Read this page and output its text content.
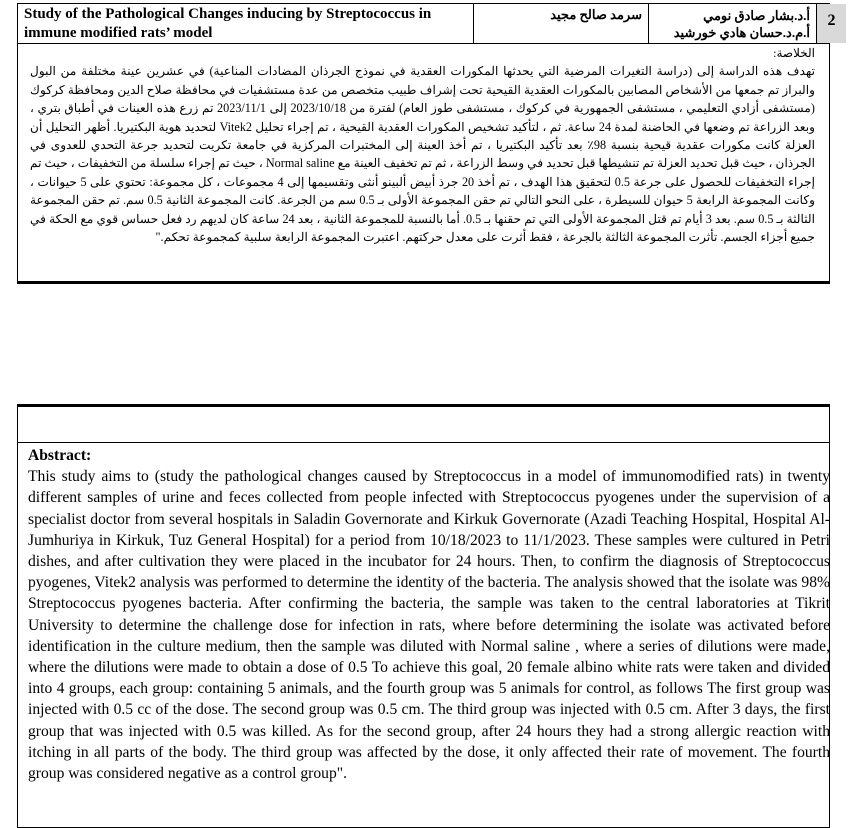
Study of the Pathological Changes inducing by Streptococcus in immune modified rats’ model
سرمد صالح مجيد	أ.د.بشار صادق نومي
أ.م.د.حسان هادي خورشيد
2

الخلاصة:

تهدف هذه الدراسة إلى (دراسة التغيرات المرضية التي يحدثها المكورات العقدية في نموذج الجرذان المضادات المناعية) في عشرين عينة مختلفة من البول والبراز تم جمعها من الأشخاص المصابين بالمكورات العقدية القيحية تحت إشراف طبيب متخصص من عدة مستشفيات في محافظة صلاح الدين ومحافظة كركوك (مستشفى أزادي التعليمي ، مستشفى الجمهورية في كركوك ، مستشفى طوز العام) لفترة من 2023/10/18 إلى 2023/11/1 تم زرع هذه العينات في أطباق بتري ، وبعد الزراعة تم وضعها في الحاضنة لمدة 24 ساعة. ثم ، لتأكيد تشخيص المكورات العقدية القيحية ، تم إجراء تحليل Vitek2 لتحديد هوية البكتيريا. أظهر التحليل أن العزلة كانت مكورات عقدية قيحية بنسبة 98٪ بعد تأكيد البكتيريا ، تم أخذ العينة إلى المختبرات المركزية في جامعة تكريت لتحديد جرعة التحدي للعدوى في الجرذان ، حيث قبل تحديد العزلة تم تنشيطها قبل تحديد في وسط الزراعة ، ثم تم تخفيف العينة مع Normal saline ، حيث تم إجراء سلسلة من التخفيفات ، حيث تم إجراء التخفيفات للحصول على جرعة 0.5 لتحقيق هذا الهدف ، تم أخذ 20 جرذ أبيض ألبينو أنثى وتقسيمها إلى 4 مجموعات ، كل مجموعة: تحتوي على 5 حيوانات ، وكانت المجموعة الرابعة 5 حيوان للسيطرة ، على النحو التالي تم حقن المجموعة الأولى بـ 0.5 سم من الجرعة. كانت المجموعة الثانية 0.5 سم. تم حقن المجموعة الثالثة بـ 0.5 سم. بعد 3 أيام تم قتل المجموعة الأولى التي تم حقنها بـ 0.5. أما بالنسبة للمجموعة الثانية ، بعد 24 ساعة كان لديهم رد فعل حساس قوي مع الحكة في جميع أجزاء الجسم. تأثرت المجموعة الثالثة بالجرعة ، فقط أثرت على معدل حركتهم. اعتبرت المجموعة الرابعة سلبية كمجموعة تحكم."

Abstract:
This study aims to (study the pathological changes caused by Streptococcus in a model of immunomodified rats) in twenty different samples of urine and feces collected from people infected with Streptococcus pyogenes under the supervision of a specialist doctor from several hospitals in Saladin Governorate and Kirkuk Governorate (Azadi Teaching Hospital, Hospital Al-Jumhuriya in Kirkuk, Tuz General Hospital) for a period from 10/18/2023 to 11/1/2023. These samples were cultured in Petri dishes, and after cultivation they were placed in the incubator for 24 hours. Then, to confirm the diagnosis of Streptococcus pyogenes, Vitek2 analysis was performed to determine the identity of the bacteria. The analysis showed that the isolate was 98% Streptococcus pyogenes bacteria. After confirming the bacteria, the sample was taken to the central laboratories at Tikrit University to determine the challenge dose for infection in rats, where before determining the isolate was activated before identification in the culture medium, then the sample was diluted with Normal saline , where a series of dilutions were made, where the dilutions were made to obtain a dose of 0.5 To achieve this goal, 20 female albino white rats were taken and divided into 4 groups, each group: containing 5 animals, and the fourth group was 5 animals for control, as follows The first group was injected with 0.5 cc of the dose. The second group was 0.5 cm. The third group was injected with 0.5 cm. After 3 days, the first group that was injected with 0.5 was killed. As for the second group, after 24 hours they had a strong allergic reaction with itching in all parts of the body. The third group was affected by the dose, it only affected their rate of movement. The fourth group was considered negative as a control group".
